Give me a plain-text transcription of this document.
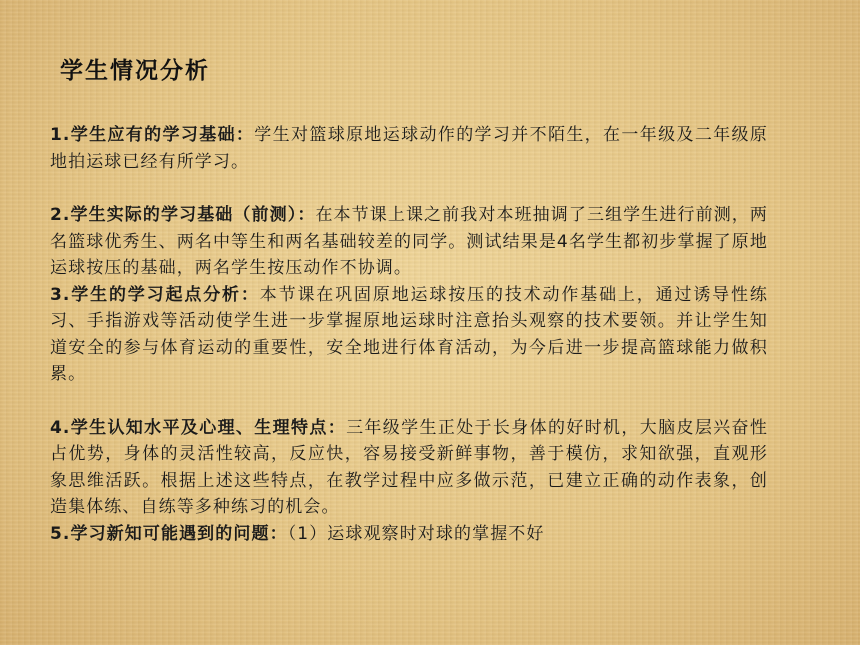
学生情况分析

1.学生应有的学习基础：学生对篮球原地运球动作的学习并不陌生，在一年级及二年级原地拍运球已经有所学习。

2.学生实际的学习基础（前测）：在本节课上课之前我对本班抽调了三组学生进行前测，两名篮球优秀生、两名中等生和两名基础较差的同学。测试结果是4名学生都初步掌握了原地运球按压的基础，两名学生按压动作不协调。

3.学生的学习起点分析：本节课在巩固原地运球按压的技术动作基础上，通过诱导性练习、手指游戏等活动使学生进一步掌握原地运球时注意抬头观察的技术要领。并让学生知道安全的参与体育运动的重要性，安全地进行体育活动，为今后进一步提高篮球能力做积累。

4.学生认知水平及心理、生理特点：三年级学生正处于长身体的好时机，大脑皮层兴奋性占优势，身体的灵活性较高，反应快，容易接受新鲜事物，善于模仿，求知欲强，直观形象思维活跃。根据上述这些特点，在教学过程中应多做示范，已建立正确的动作表象，创造集体练、自练等多种练习的机会。

5.学习新知可能遇到的问题：（1）运球观察时对球的掌握不好
